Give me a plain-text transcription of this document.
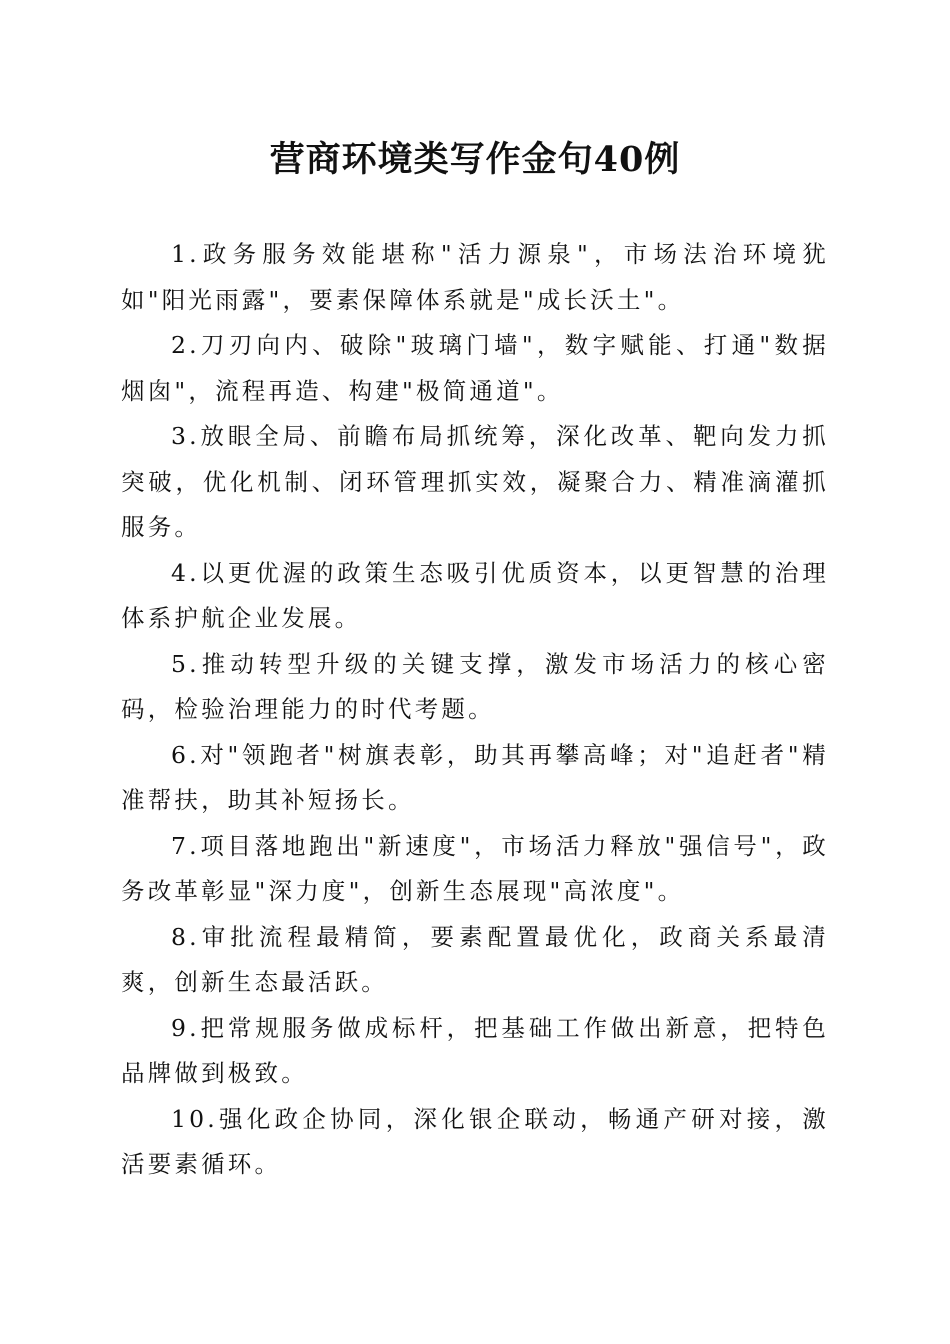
营商环境类写作金句40例

1.政务服务效能堪称"活力源泉"，市场法治环境犹如"阳光雨露"，要素保障体系就是"成长沃土"。

2.刀刃向内、破除"玻璃门墙"，数字赋能、打通"数据烟囱"，流程再造、构建"极简通道"。

3.放眼全局、前瞻布局抓统筹，深化改革、靶向发力抓突破，优化机制、闭环管理抓实效，凝聚合力、精准滴灌抓服务。

4.以更优渥的政策生态吸引优质资本，以更智慧的治理体系护航企业发展。

5.推动转型升级的关键支撑，激发市场活力的核心密码，检验治理能力的时代考题。

6.对"领跑者"树旗表彰，助其再攀高峰；对"追赶者"精准帮扶，助其补短扬长。

7.项目落地跑出"新速度"，市场活力释放"强信号"，政务改革彰显"深力度"，创新生态展现"高浓度"。

8.审批流程最精简，要素配置最优化，政商关系最清爽，创新生态最活跃。

9.把常规服务做成标杆，把基础工作做出新意，把特色品牌做到极致。

10.强化政企协同，深化银企联动，畅通产研对接，激活要素循环。
